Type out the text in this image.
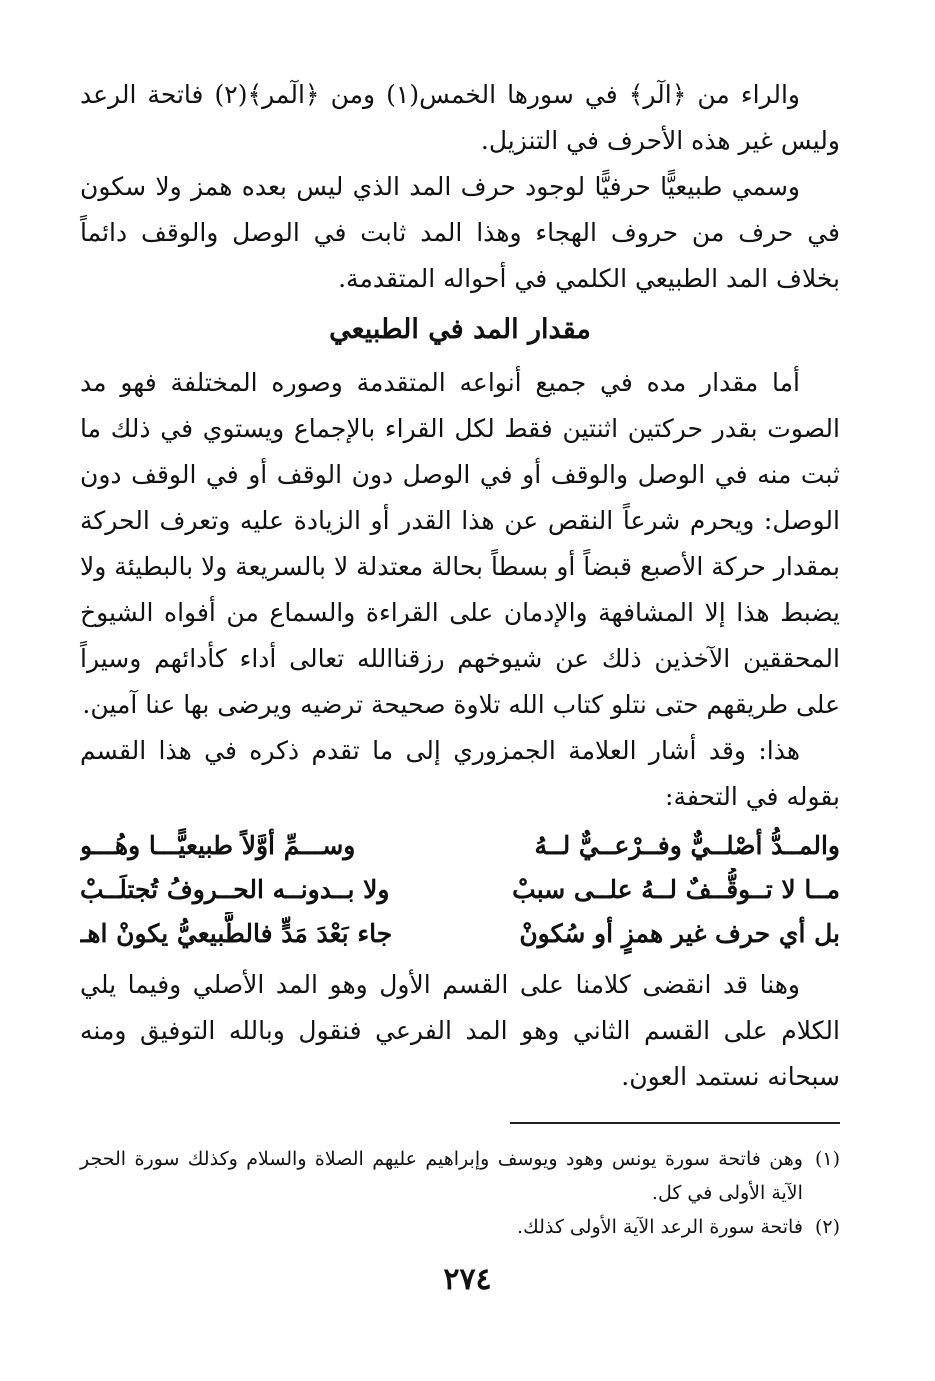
والراء من ﴿الٓر﴾ في سورها الخمس(١) ومن ﴿الٓمر﴾(٢) فاتحة الرعد وليس غير هذه الأحرف في التنزيل.

وسمي طبيعيًّا حرفيًّا لوجود حرف المد الذي ليس بعده همز ولا سكون في حرف من حروف الهجاء وهذا المد ثابت في الوصل والوقف دائماً بخلاف المد الطبيعي الكلمي في أحواله المتقدمة.

مقدار المد في الطبيعي

أما مقدار مده في جميع أنواعه المتقدمة وصوره المختلفة فهو مد الصوت بقدر حركتين اثنتين فقط لكل القراء بالإجماع ويستوي في ذلك ما ثبت منه في الوصل والوقف أو في الوصل دون الوقف أو في الوقف دون الوصل: ويحرم شرعاً النقص عن هذا القدر أو الزيادة عليه وتعرف الحركة بمقدار حركة الأصبع قبضاً أو بسطاً بحالة معتدلة لا بالسريعة ولا بالبطيئة ولا يضبط هذا إلا المشافهة والإدمان على القراءة والسماع من أفواه الشيوخ المحققين الآخذين ذلك عن شيوخهم رزقناالله تعالى أداء كأدائهم وسيراً على طريقهم حتى نتلو كتاب الله تلاوة صحيحة ترضيه ويرضى بها عنا آمين.

هذا: وقد أشار العلامة الجمزوري إلى ما تقدم ذكره في هذا القسم بقوله في التحفة:

والمــدُّ أصْلــيٌّ وفــرْعــيٌّ لــهُ
وســـمِّ أوَّلاً طبيعيًّـــا وهُـــو
مــا لا تــوقُّــفٌ لــهُ علــى سببْ
ولا بــدونــه الحــروفُ تُجتلَــبْ
بل أي حرف غير همزٍ أو سُكونْ
جاء بَعْدَ مَدٍّ فالطَّبيعيُّ يكونْ اهـ

وهنا قد انقضى كلامنا على القسم الأول وهو المد الأصلي وفيما يلي الكلام على القسم الثاني وهو المد الفرعي فنقول وبالله التوفيق ومنه سبحانه نستمد العون.

(١)
وهن فاتحة سورة يونس وهود ويوسف وإبراهيم عليهم الصلاة والسلام وكذلك سورة الحجر الآية الأولى في كل.

(٢)
فاتحة سورة الرعد الآية الأولى كذلك.

٢٧٤
